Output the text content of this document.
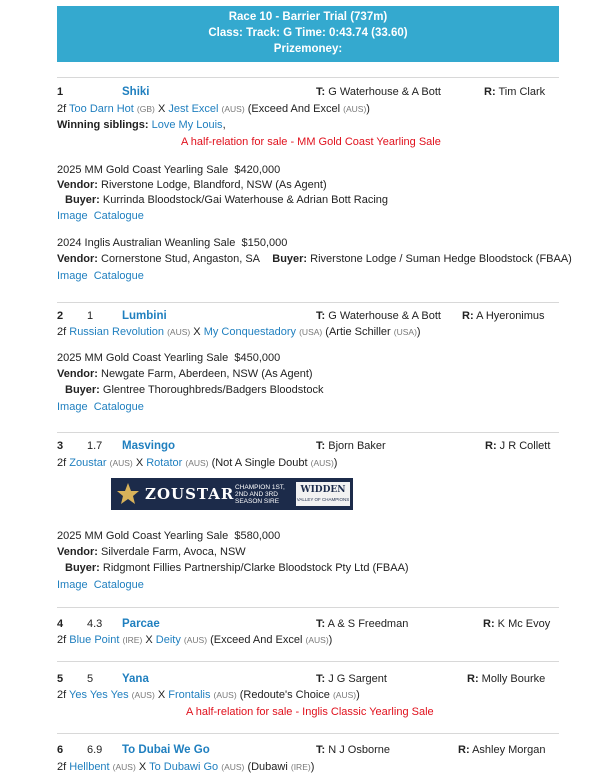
Race 10 - Barrier Trial (737m)
Class: Track: G Time: 0:43.74 (33.60)
Prizemoney:
1	Shiki	T: G Waterhouse & A Bott	R: Tim Clark
2f Too Darn Hot (GB) X Jest Excel (AUS) (Exceed And Excel (AUS))
Winning siblings: Love My Louis,
A half-relation for sale - MM Gold Coast Yearling Sale
2025 MM Gold Coast Yearling Sale $420,000
Vendor: Riverstone Lodge, Blandford, NSW (As Agent)
Buyer: Kurrinda Bloodstock/Gai Waterhouse & Adrian Bott Racing
Image Catalogue
2024 Inglis Australian Weanling Sale $150,000
Vendor: Cornerstone Stud, Angaston, SA Buyer: Riverstone Lodge / Suman Hedge Bloodstock (FBAA)
Image Catalogue
2 1	Lumbini	T: G Waterhouse & A Bott R: A Hyeronimus
2f Russian Revolution (AUS) X My Conquestadory (USA) (Artie Schiller (USA))
2025 MM Gold Coast Yearling Sale $450,000
Vendor: Newgate Farm, Aberdeen, NSW (As Agent)
Buyer: Glentree Thoroughbreds/Badgers Bloodstock
Image Catalogue
3 1.7 Masvingo	T: Bjorn Baker	R: J R Collett
2f Zoustar (AUS) X Rotator (AUS) (Not A Single Doubt (AUS))
ZOUSTAR CHAMPION 1ST, 2ND AND 3RD SEASON SIRE
WIDDEN
VALLEY OF CHAMPIONS
2025 MM Gold Coast Yearling Sale $580,000
Vendor: Silverdale Farm, Avoca, NSW
Buyer: Ridgmont Fillies Partnership/Clarke Bloodstock Pty Ltd (FBAA)
Image Catalogue
4 4.3 Parcae	T: A & S Freedman	R: K Mc Evoy
2f Blue Point (IRE) X Deity (AUS) (Exceed And Excel (AUS))
5 5	Yana	T: J G Sargent	R: Molly Bourke
2f Yes Yes Yes (AUS) X Frontalis (AUS) (Redoute's Choice (AUS))
A half-relation for sale - Inglis Classic Yearling Sale
6 6.9 To Dubai We Go	T: N J Osborne	R: Ashley Morgan
2f Hellbent (AUS) X To Dubawi Go (AUS) (Dubawi (IRE))
